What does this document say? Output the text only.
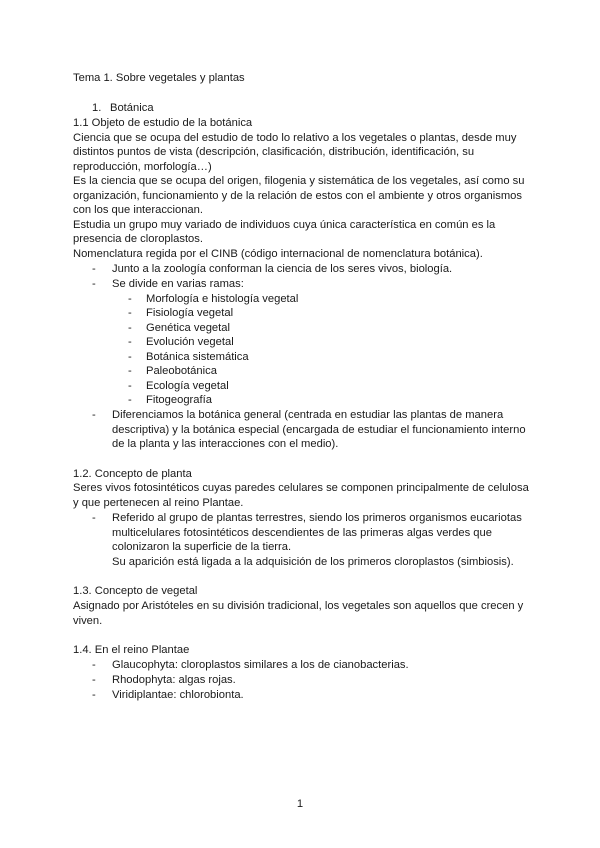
Tema 1. Sobre vegetales y plantas
1. Botánica
1.1 Objeto de estudio de la botánica
Ciencia que se ocupa del estudio de todo lo relativo a los vegetales o plantas, desde muy
distintos puntos de vista (descripción, clasificación, distribución, identificación, su
reproducción, morfología…)
Es la ciencia que se ocupa del origen, filogenia y sistemática de los vegetales, así como su
organización, funcionamiento y de la relación de estos con el ambiente y otros organismos
con los que interaccionan.
Estudia un grupo muy variado de individuos cuya única característica en común es la
presencia de cloroplastos.
Nomenclatura regida por el CINB (código internacional de nomenclatura botánica).
- Junto a la zoología conforman la ciencia de los seres vivos, biología.
- Se divide en varias ramas:
- Morfología e histología vegetal
- Fisiología vegetal
- Genética vegetal
- Evolución vegetal
- Botánica sistemática
- Paleobotánica
- Ecología vegetal
- Fitogeografía
- Diferenciamos la botánica general (centrada en estudiar las plantas de manera
descriptiva) y la botánica especial (encargada de estudiar el funcionamiento interno
de la planta y las interacciones con el medio).
1.2. Concepto de planta
Seres vivos fotosintéticos cuyas paredes celulares se componen principalmente de celulosa
y que pertenecen al reino Plantae.
- Referido al grupo de plantas terrestres, siendo los primeros organismos eucariotas
multicelulares fotosintéticos descendientes de las primeras algas verdes que
colonizaron la superficie de la tierra.
Su aparición está ligada a la adquisición de los primeros cloroplastos (simbiosis).
1.3. Concepto de vegetal
Asignado por Aristóteles en su división tradicional, los vegetales son aquellos que crecen y
viven.
1.4. En el reino Plantae
- Glaucophyta: cloroplastos similares a los de cianobacterias.
- Rhodophyta: algas rojas.
- Viridiplantae: chlorobionta.
1
